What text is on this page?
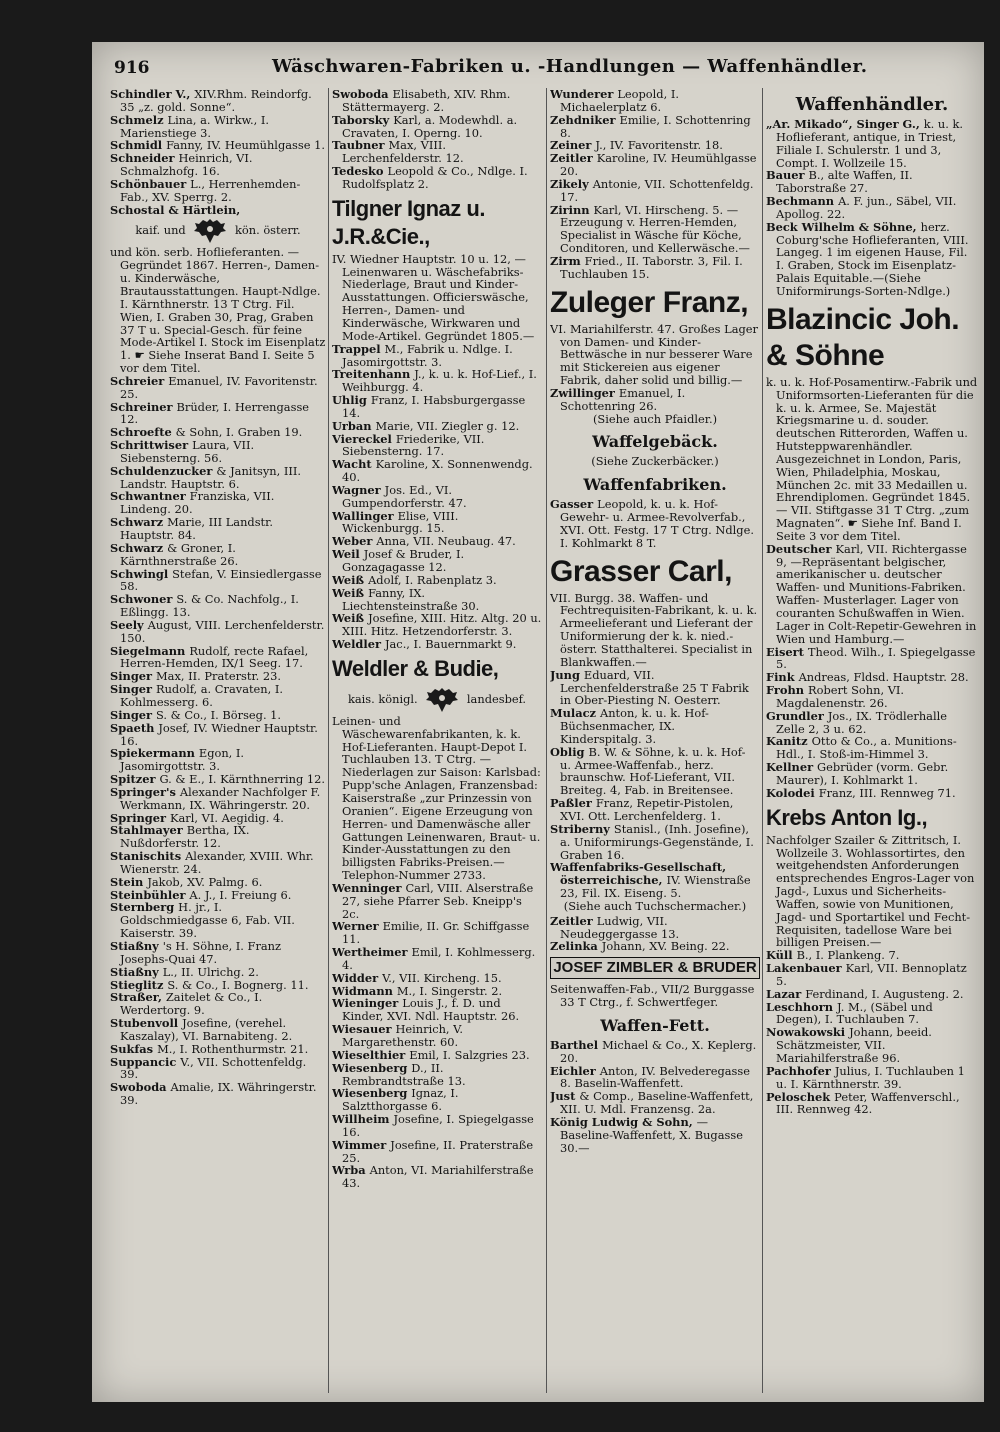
916	Wäschwaren-Fabriken u. -Handlungen — Waffenhändler.
Schindler V., XIV.Rhm. Reindorfg. 35 „z. gold. Sonne“.
Schmelz Lina, a. Wirkw., I. Marienstiege 3.
Schmidl Fanny, IV. Heumühlgasse 1.
Schneider Heinrich, VI. Schmalzhofg. 16.
Schönbauer L., Herrenhemden-Fab., XV. Sperrg. 2.
Schostal & Härtlein,
kaif. und	kön. österr.
und kön. serb. Hoflieferanten. —Gegründet 1867. Herren-, Damen- u. Kinderwäsche, Brautausstattungen. Haupt-Ndlge. I. Kärnthnerstr. 13 T Ctrg. Fil. Wien, I. Graben 30, Prag, Graben 37 T u. Special-Gesch. für feine Mode-Artikel I. Stock im Eisenplatz 1. ☛ Siehe Inserat Band I. Seite 5 vor dem Titel.
Schreier Emanuel, IV. Favoritenstr. 25.
Schreiner Brüder, I. Herrengasse 12.
Schroefte & Sohn, I. Graben 19.
Schrittwiser Laura, VII. Siebensterng. 56.
Schuldenzucker & Janitsyn, III. Landstr. Hauptstr. 6.
Schwantner Franziska, VII. Lindeng. 20.
Schwarz Marie, III Landstr. Hauptstr. 84.
Schwarz & Groner, I. Kärnthnerstraße 26.
Schwingl Stefan, V. Einsiedlergasse 58.
Schwoner S. & Co. Nachfolg., I. Eßlingg. 13.
Seely August, VIII. Lerchenfelderstr. 150.
Siegelmann Rudolf, recte Rafael, Herren-Hemden, IX/1 Seeg. 17.
Singer Max, II. Praterstr. 23.
Singer Rudolf, a. Cravaten, I. Kohlmesserg. 6.
Singer S. & Co., I. Börseg. 1.
Spaeth Josef, IV. Wiedner Hauptstr. 16.
Spiekermann Egon, I. Jasomirgottstr. 3.
Spitzer G. & E., I. Kärnthnerring 12.
Springer's Alexander Nachfolger F. Werkmann, IX. Währingerstr. 20.
Springer Karl, VI. Aegidig. 4.
Stahlmayer Bertha, IX. Nußdorferstr. 12.
Stanischits Alexander, XVIII. Whr. Wienerstr. 24.
Stein Jakob, XV. Palmg. 6.
Steinbühler A. J., I. Freiung 6.
Sternberg H. jr., I. Goldschmiedgasse 6, Fab. VII. Kaiserstr. 39.
Stiaßny 's H. Söhne, I. Franz Josephs-Quai 47.
Stiaßny L., II. Ulrichg. 2.
Stieglitz S. & Co., I. Bognerg. 11.
Straßer, Zaitelet & Co., I. Werdertorg. 9.
Stubenvoll Josefine, (verehel. Kaszalay), VI. Barnabiteng. 2.
Sukfas M., I. Rothenthurmstr. 21.
Suppancic V., VII. Schottenfeldg. 39.
Swoboda Amalie, IX. Währingerstr. 39.
Swoboda Elisabeth, XIV. Rhm. Stättermayerg. 2.
Taborsky Karl, a. Modewhdl. a. Cravaten, I. Operng. 10.
Taubner Max, VIII. Lerchenfelderstr. 12.
Tedesko Leopold & Co., Ndlge. I. Rudolfsplatz 2.
Tilgner Ignaz u. J.R.&Cie.,
IV. Wiedner Hauptstr. 10 u. 12, —Leinenwaren u. Wäschefabriks-Niederlage, Braut und Kinder-Ausstattungen. Officierswäsche, Herren-, Damen- und Kinderwäsche, Wirkwaren und Mode-Artikel. Gegründet 1805.—
Trappel M., Fabrik u. Ndlge. I. Jasomirgottstr. 3.
Treitenhann J., k. u. k. Hof-Lief., I. Weihburgg. 4.
Uhlig Franz, I. Habsburgergasse 14.
Urban Marie, VII. Ziegler g. 12.
Viereckel Friederike, VII. Siebensterng. 17.
Wacht Karoline, X. Sonnenwendg. 40.
Wagner Jos. Ed., VI. Gumpendorferstr. 47.
Wallinger Elise, VIII. Wickenburgg. 15.
Weber Anna, VII. Neubaug. 47.
Weil Josef & Bruder, I. Gonzagagasse 12.
Weiß Adolf, I. Rabenplatz 3.
Weiß Fanny, IX. Liechtensteinstraße 30.
Weiß Josefine, XIII. Hitz. Altg. 20 u. XIII. Hitz. Hetzendorferstr. 3.
Weldler Jac., I. Bauernmarkt 9.
Weldler & Budie,
kais. königl.	landesbef.
Leinen- und Wäschewarenfabrikanten, k. k. Hof-Lieferanten. Haupt-Depot I. Tuchlauben 13. T Ctrg. —Niederlagen zur Saison: Karlsbad: Pupp'sche Anlagen, Franzensbad: Kaiserstraße „zur Prinzessin von Oranien“. Eigene Erzeugung von Herren- und Damenwäsche aller Gattungen Leinenwaren, Braut- u. Kinder-Ausstattungen zu den billigsten Fabriks-Preisen.— Telephon-Nummer 2733.
Wenninger Carl, VIII. Alserstraße 27, siehe Pfarrer Seb. Kneipp's 2c.
Werner Emilie, II. Gr. Schiffgasse 11.
Wertheimer Emil, I. Kohlmesserg. 4.
Widder V., VII. Kircheng. 15.
Widmann M., I. Singerstr. 2.
Wieninger Louis J., f. D. und Kinder, XVI. Ndl. Hauptstr. 26.
Wiesauer Heinrich, V. Margarethenstr. 60.
Wieselthier Emil, I. Salzgries 23.
Wiesenberg D., II. Rembrandtstraße 13.
Wiesenberg Ignaz, I. Salztthorgasse 6.
Willheim Josefine, I. Spiegelgasse 16.
Wimmer Josefine, II. Praterstraße 25.
Wrba Anton, VI. Mariahilferstraße 43.
Wunderer Leopold, I. Michaelerplatz 6.
Zehdniker Emilie, I. Schottenring 8.
Zeiner J., IV. Favoritenstr. 18.
Zeitler Karoline, IV. Heumühlgasse 20.
Zikely Antonie, VII. Schottenfeldg. 17.
Zirinn Karl, VI. Hirscheng. 5. —Erzeugung v. Herren-Hemden, Specialist in Wäsche für Köche, Conditoren, und Kellerwäsche.—
Zirm Fried., II. Taborstr. 3, Fil. I. Tuchlauben 15.
Zuleger Franz,
VI. Mariahilferstr. 47. Großes Lager von Damen- und Kinder-Bettwäsche in nur besserer Ware mit Stickereien aus eigener Fabrik, daher solid und billig.—
Zwillinger Emanuel, I. Schottenring 26.
(Siehe auch Pfaidler.)
Waffelgebäck.
(Siehe Zuckerbäcker.)
Waffenfabriken.
Gasser Leopold, k. u. k. Hof-Gewehr- u. Armee-Revolverfab., XVI. Ott. Festg. 17 T Ctrg. Ndlge. I. Kohlmarkt 8 T.
Grasser Carl,
VII. Burgg. 38. Waffen- und Fechtrequisiten-Fabrikant, k. u. k. Armeelieferant und Lieferant der Uniformierung der k. k. nied.-österr. Statthalterei. Specialist in Blankwaffen.—
Jung Eduard, VII. Lerchenfelderstraße 25 T Fabrik in Ober-Piesting N. Oesterr.
Mulacz Anton, k. u. k. Hof-Büchsenmacher, IX. Kinderspitalg. 3.
Oblig B. W. & Söhne, k. u. k. Hof- u. Armee-Waffenfab., herz. braunschw. Hof-Lieferant, VII. Breiteg. 4, Fab. in Breitensee.
Paßler Franz, Repetir-Pistolen, XVI. Ott. Lerchenfelderg. 1.
Striberny Stanisl., (Inh. Josefine), a. Uniformirungs-Gegenstände, I. Graben 16.
Waffenfabriks-Gesellschaft, österreichische, IV. Wienstraße 23, Fil. IX. Eiseng. 5.
(Siehe auch Tuchschermacher.)
Zeitler Ludwig, VII. Neudeggergasse 13.
Zelinka Johann, XV. Being. 22.
JOSEF ZIMBLER & BRUDER
Seitenwaffen-Fab., VII/2 Burggasse 33 T Ctrg., f. Schwertfeger.
Waffen-Fett.
Barthel Michael & Co., X. Keplerg. 20.
Eichler Anton, IV. Belvederegasse 8. Baselin-Waffenfett.
Just & Comp., Baseline-Waffenfett, XII. U. Mdl. Franzensg. 2a.
König Ludwig & Sohn, —Baseline-Waffenfett, X. Bugasse 30.—
Waffenhändler.
„Ar. Mikado“, Singer G., k. u. k. Hoflieferant, antique, in Triest, Filiale I. Schulerstr. 1 und 3, Compt. I. Wollzeile 15.
Bauer B., alte Waffen, II. Taborstraße 27.
Bechmann A. F. jun., Säbel, VII. Apollog. 22.
Beck Wilhelm & Söhne, herz. Coburg'sche Hoflieferanten, VIII. Langeg. 1 im eigenen Hause, Fil. I. Graben, Stock im Eisenplatz-Palais Equitable.—(Siehe Uniformirungs-Sorten-Ndlge.)
Blazincic Joh. & Söhne
k. u. k. Hof-Posamentirw.-Fabrik und Uniformsorten-Lieferanten für die k. u. k. Armee, Se. Majestät Kriegsmarine u. d. souder. deutschen Ritterorden, Waffen u. Hutsteppwarenhändler. Ausgezeichnet in London, Paris, Wien, Philadelphia, Moskau, München 2c. mit 33 Medaillen u. Ehrendiplomen. Gegründet 1845.— VII. Stiftgasse 31 T Ctrg. „zum Magnaten“. ☛ Siehe Inf. Band I. Seite 3 vor dem Titel.
Deutscher Karl, VII. Richtergasse 9, —Repräsentant belgischer, amerikanischer u. deutscher Waffen- und Munitions-Fabriken. Waffen- Musterlager. Lager von couranten Schußwaffen in Wien. Lager in Colt-Repetir-Gewehren in Wien und Hamburg.—
Eisert Theod. Wilh., I. Spiegelgasse 5.
Fink Andreas, Fldsd. Hauptstr. 28.
Frohn Robert Sohn, VI. Magdalenenstr. 26.
Grundler Jos., IX. Trödlerhalle Zelle 2, 3 u. 62.
Kanitz Otto & Co., a. Munitions-Hdl., I. Stoß-im-Himmel 3.
Kellner Gebrüder (vorm. Gebr. Maurer), I. Kohlmarkt 1.
Kolodei Franz, III. Rennweg 71.
Krebs Anton Ig.,
Nachfolger Szailer & Zittritsch, I. Wollzeile 3. Wohlassortirtes, den weitgehendsten Anforderungen entsprechendes Engros-Lager von Jagd-, Luxus und Sicherheits-Waffen, sowie von Munitionen, Jagd- und Sportartikel und Fecht-Requisiten, tadellose Ware bei billigen Preisen.—
Küll B., I. Plankeng. 7.
Lakenbauer Karl, VII. Bennoplatz 5.
Lazar Ferdinand, I. Augusteng. 2.
Leschhorn J. M., (Säbel und Degen), I. Tuchlauben 7.
Nowakowski Johann, beeid. Schätzmeister, VII. Mariahilferstraße 96.
Pachhofer Julius, I. Tuchlauben 1 u. I. Kärnthnerstr. 39.
Peloschek Peter, Waffenverschl., III. Rennweg 42.
